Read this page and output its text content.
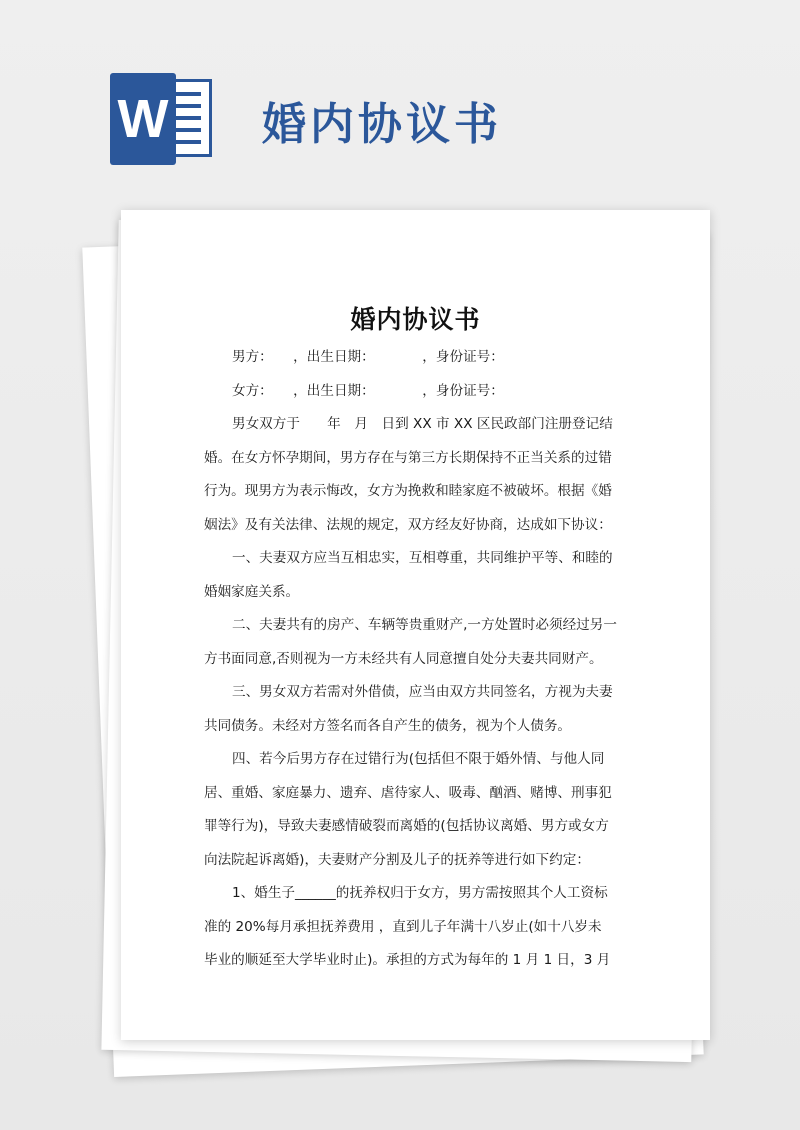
W 婚内协议书
婚内协议书

男方：　　，出生日期：　　　　，身份证号：

女方：　　，出生日期：　　　　，身份证号：

男女双方于　　年　月　日到 XX 市 XX 区民政部门注册登记结

婚。在女方怀孕期间，男方存在与第三方长期保持不正当关系的过错

行为。现男方为表示悔改，女方为挽救和睦家庭不被破坏。根据《婚

姻法》及有关法律、法规的规定，双方经友好协商，达成如下协议：

一、夫妻双方应当互相忠实，互相尊重，共同维护平等、和睦的

婚姻家庭关系。

二、夫妻共有的房产、车辆等贵重财产,一方处置时必须经过另一

方书面同意,否则视为一方未经共有人同意擅自处分夫妻共同财产。

三、男女双方若需对外借债，应当由双方共同签名，方视为夫妻

共同债务。未经对方签名而各自产生的债务，视为个人债务。

四、若今后男方存在过错行为(包括但不限于婚外情、与他人同

居、重婚、家庭暴力、遗弃、虐待家人、吸毒、酗酒、赌博、刑事犯

罪等行为)，导致夫妻感情破裂而离婚的(包括协议离婚、男方或女方

向法院起诉离婚)，夫妻财产分割及儿子的抚养等进行如下约定：

1、婚生子______的抚养权归于女方，男方需按照其个人工资标

准的 20%每月承担抚养费用 ，直到儿子年满十八岁止(如十八岁未

毕业的顺延至大学毕业时止)。承担的方式为每年的 1 月 1 日，3 月
